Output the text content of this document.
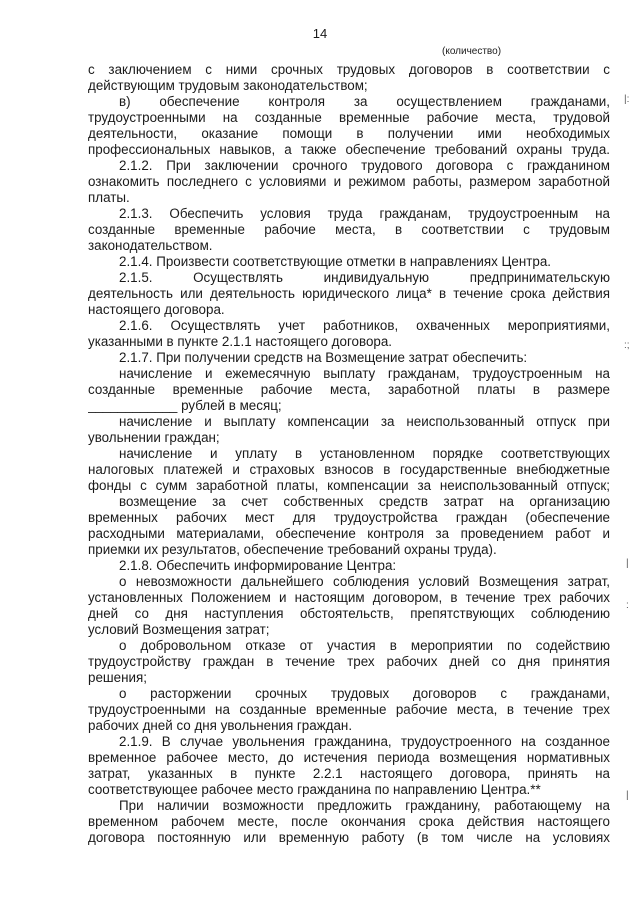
14
(количество)
с заключением с ними срочных трудовых договоров в соответствии с
действующим трудовым законодательством;
в) обеспечение контроля за осуществлением гражданами,
трудоустроенными на созданные временные рабочие места, трудовой
деятельности, оказание помощи в получении ими необходимых
профессиональных навыков, а также обеспечение требований охраны труда.
2.1.2. При заключении срочного трудового договора с гражданином
ознакомить последнего с условиями и режимом работы, размером заработной
платы.
2.1.3. Обеспечить условия труда гражданам, трудоустроенным на
созданные временные рабочие места, в соответствии с трудовым
законодательством.
2.1.4. Произвести соответствующие отметки в направлениях Центра.
2.1.5. Осуществлять индивидуальную предпринимательскую
деятельность или деятельность юридического лица* в течение срока действия
настоящего договора.
2.1.6. Осуществлять учет работников, охваченных мероприятиями,
указанными в пункте 2.1.1 настоящего договора.
2.1.7. При получении средств на Возмещение затрат обеспечить:
начисление и ежемесячную выплату гражданам, трудоустроенным на
созданные временные рабочие места, заработной платы в размере
____________ рублей в месяц;
начисление и выплату компенсации за неиспользованный отпуск при
увольнении граждан;
начисление и уплату в установленном порядке соответствующих
налоговых платежей и страховых взносов в государственные внебюджетные
фонды с сумм заработной платы, компенсации за неиспользованный отпуск;
возмещение за счет собственных средств затрат на организацию
временных рабочих мест для трудоустройства граждан (обеспечение
расходными материалами, обеспечение контроля за проведением работ и
приемки их результатов, обеспечение требований охраны труда).
2.1.8. Обеспечить информирование Центра:
о невозможности дальнейшего соблюдения условий Возмещения затрат,
установленных Положением и настоящим договором, в течение трех рабочих
дней со дня наступления обстоятельств, препятствующих соблюдению
условий Возмещения затрат;
о добровольном отказе от участия в мероприятии по содействию
трудоустройству граждан в течение трех рабочих дней со дня принятия
решения;
о расторжении срочных трудовых договоров с гражданами,
трудоустроенными на созданные временные рабочие места, в течение трех
рабочих дней со дня увольнения граждан.
2.1.9. В случае увольнения гражданина, трудоустроенного на созданное
временное рабочее место, до истечения периода возмещения нормативных
затрат, указанных в пункте 2.2.1 настоящего договора, принять на
соответствующее рабочее место гражданина по направлению Центра.**
При наличии возможности предложить гражданину, работающему на
временном рабочем месте, после окончания срока действия настоящего
договора постоянную или временную работу (в том числе на условиях
|:
:;
|
:
|
